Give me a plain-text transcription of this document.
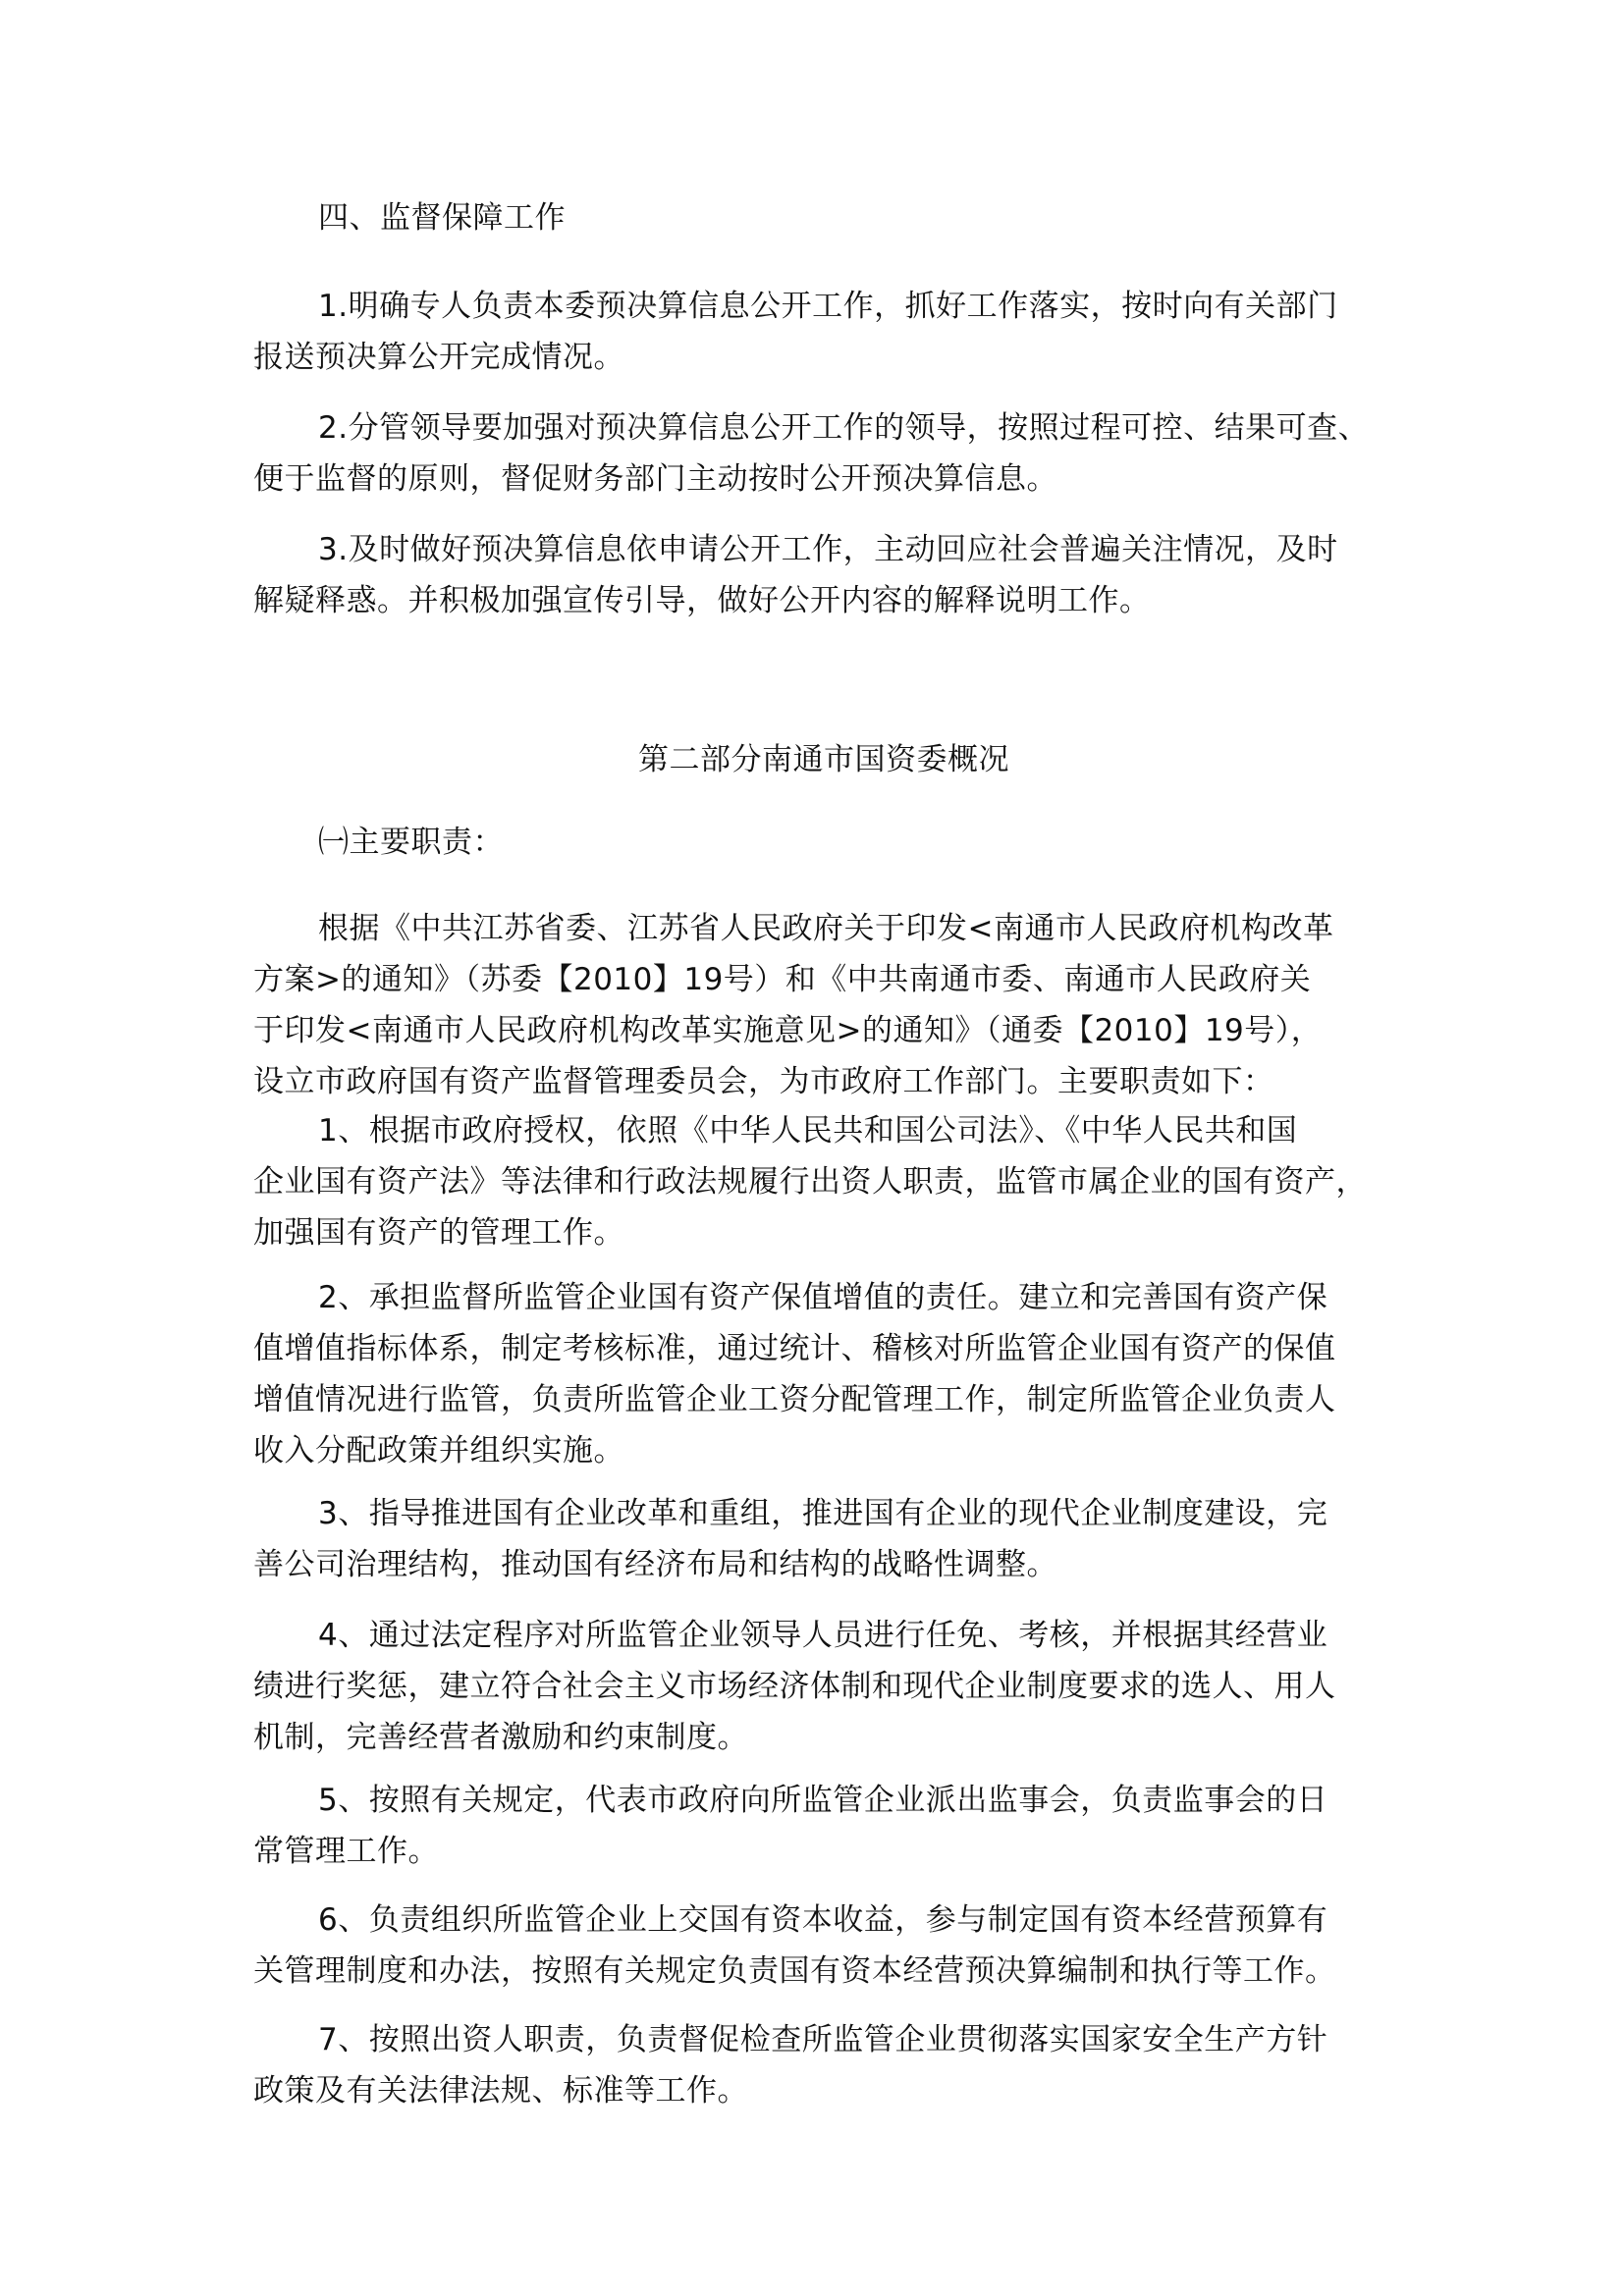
四、监督保障工作

1.明确专人负责本委预决算信息公开工作，抓好工作落实，按时向有关部门
报送预决算公开完成情况。

2.分管领导要加强对预决算信息公开工作的领导，按照过程可控、结果可查、
便于监督的原则，督促财务部门主动按时公开预决算信息。

3.及时做好预决算信息依申请公开工作，主动回应社会普遍关注情况，及时
解疑释惑。并积极加强宣传引导，做好公开内容的解释说明工作。

第二部分南通市国资委概况

㈠主要职责：

根据《中共江苏省委、江苏省人民政府关于印发<南通市人民政府机构改革
方案>的通知》（苏委【2010】19号）和《中共南通市委、南通市人民政府关
于印发<南通市人民政府机构改革实施意见>的通知》（通委【2010】19号），
设立市政府国有资产监督管理委员会，为市政府工作部门。主要职责如下：

1、根据市政府授权，依照《中华人民共和国公司法》、《中华人民共和国
企业国有资产法》等法律和行政法规履行出资人职责，监管市属企业的国有资产，
加强国有资产的管理工作。

2、承担监督所监管企业国有资产保值增值的责任。建立和完善国有资产保
值增值指标体系，制定考核标准，通过统计、稽核对所监管企业国有资产的保值
增值情况进行监管，负责所监管企业工资分配管理工作，制定所监管企业负责人
收入分配政策并组织实施。

3、指导推进国有企业改革和重组，推进国有企业的现代企业制度建设，完
善公司治理结构，推动国有经济布局和结构的战略性调整。

4、通过法定程序对所监管企业领导人员进行任免、考核，并根据其经营业
绩进行奖惩，建立符合社会主义市场经济体制和现代企业制度要求的选人、用人
机制，完善经营者激励和约束制度。

5、按照有关规定，代表市政府向所监管企业派出监事会，负责监事会的日
常管理工作。

6、负责组织所监管企业上交国有资本收益，参与制定国有资本经营预算有
关管理制度和办法，按照有关规定负责国有资本经营预决算编制和执行等工作。

7、按照出资人职责，负责督促检查所监管企业贯彻落实国家安全生产方针
政策及有关法律法规、标准等工作。
